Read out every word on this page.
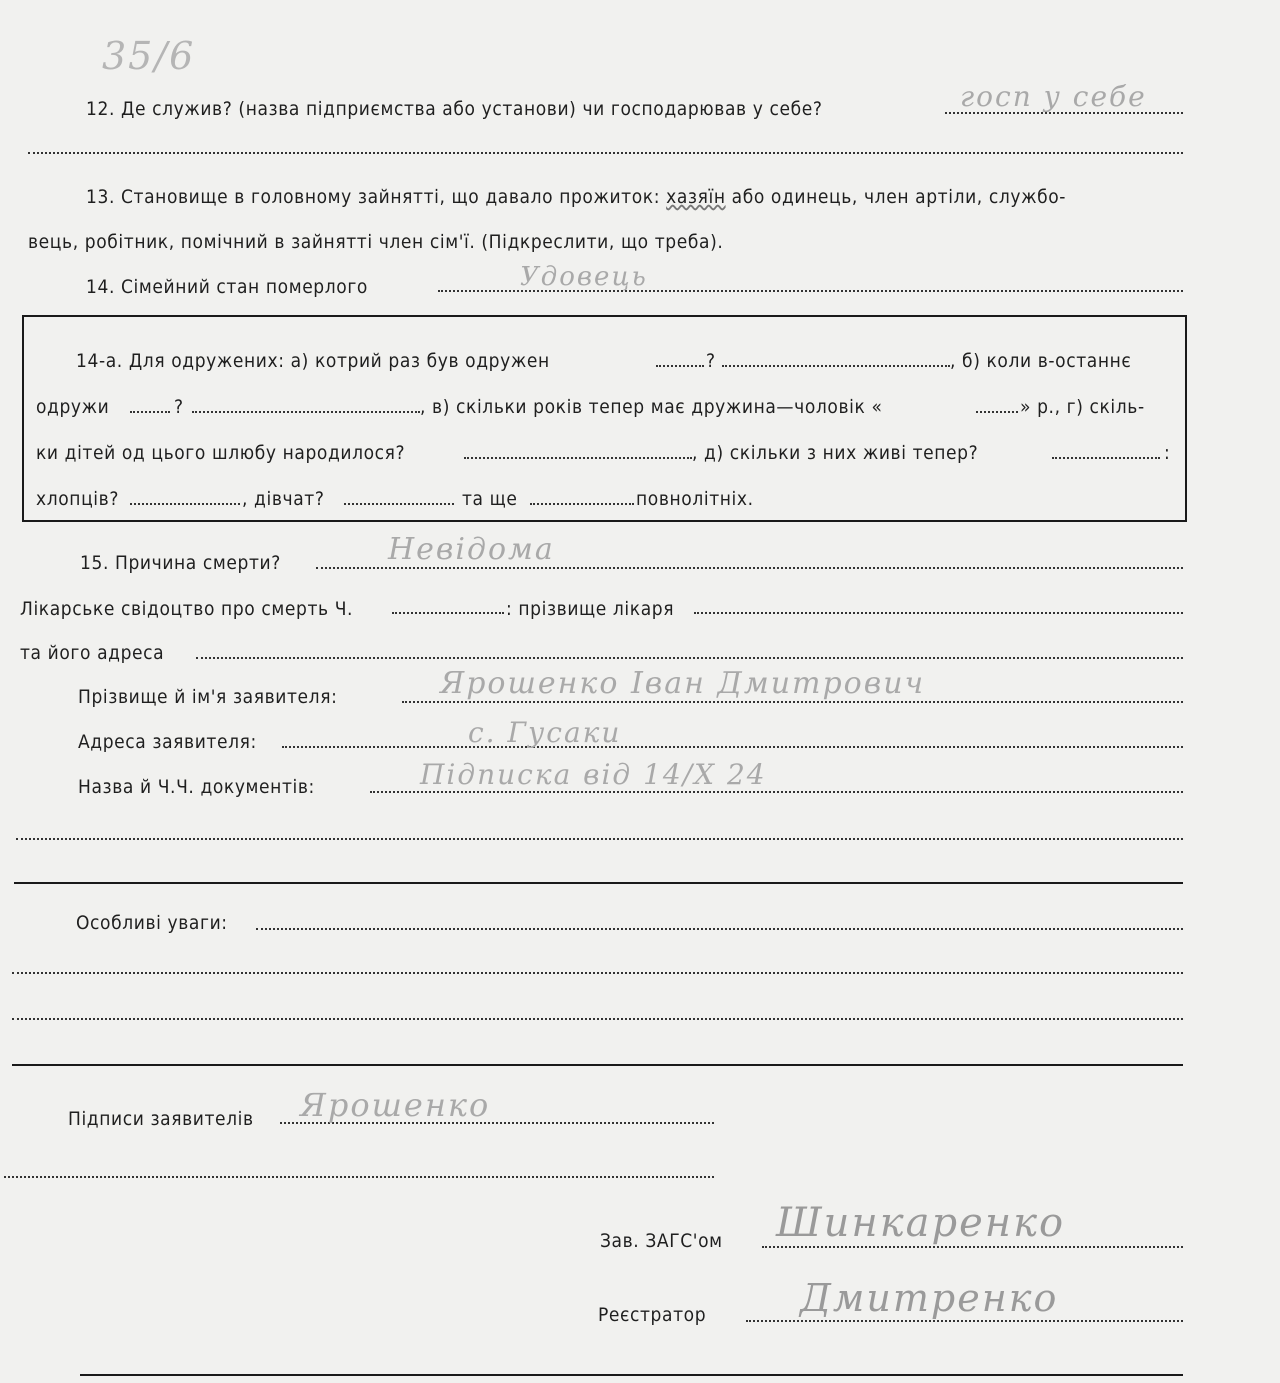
35/6
12. Де служив? (назва підприємства або установи) чи господарював у себе?	госп у себе
13. Становище в головному зайнятті, що давало прожиток: хазяїн або одинець, член артіли, службо-
вець, робітник, помічний в зайнятті член сім'ї. (Підкреслити, що треба).
14. Сімейний стан померлого	Удовець
14-а. Для одружених: а) котрий раз був одружен	?	, б) коли в-останнє
одружи	?	, в) скільки років тепер має дружина—чоловік «	» р., г) скіль-
ки дітей од цього шлюбу народилося?	, д) скільки з них живі тепер?	:
хлопців?	, дівчат?	та ще	повнолітніх.
15. Причина смерти?	Невідома
Лікарське свідоцтво про смерть Ч.	: прізвище лікаря
та його адреса
Прізвище й ім'я заявителя:	Ярошенко Іван Дмитрович
Адреса заявителя:	с. Гусаки
Назва й Ч.Ч. документів:	Підписка від 14/Х 24
Особливі уваги:
Підписи заявителів Ярошенко
Зав. ЗАГС'ом Шинкаренко
Реєстратор Дмитренко
